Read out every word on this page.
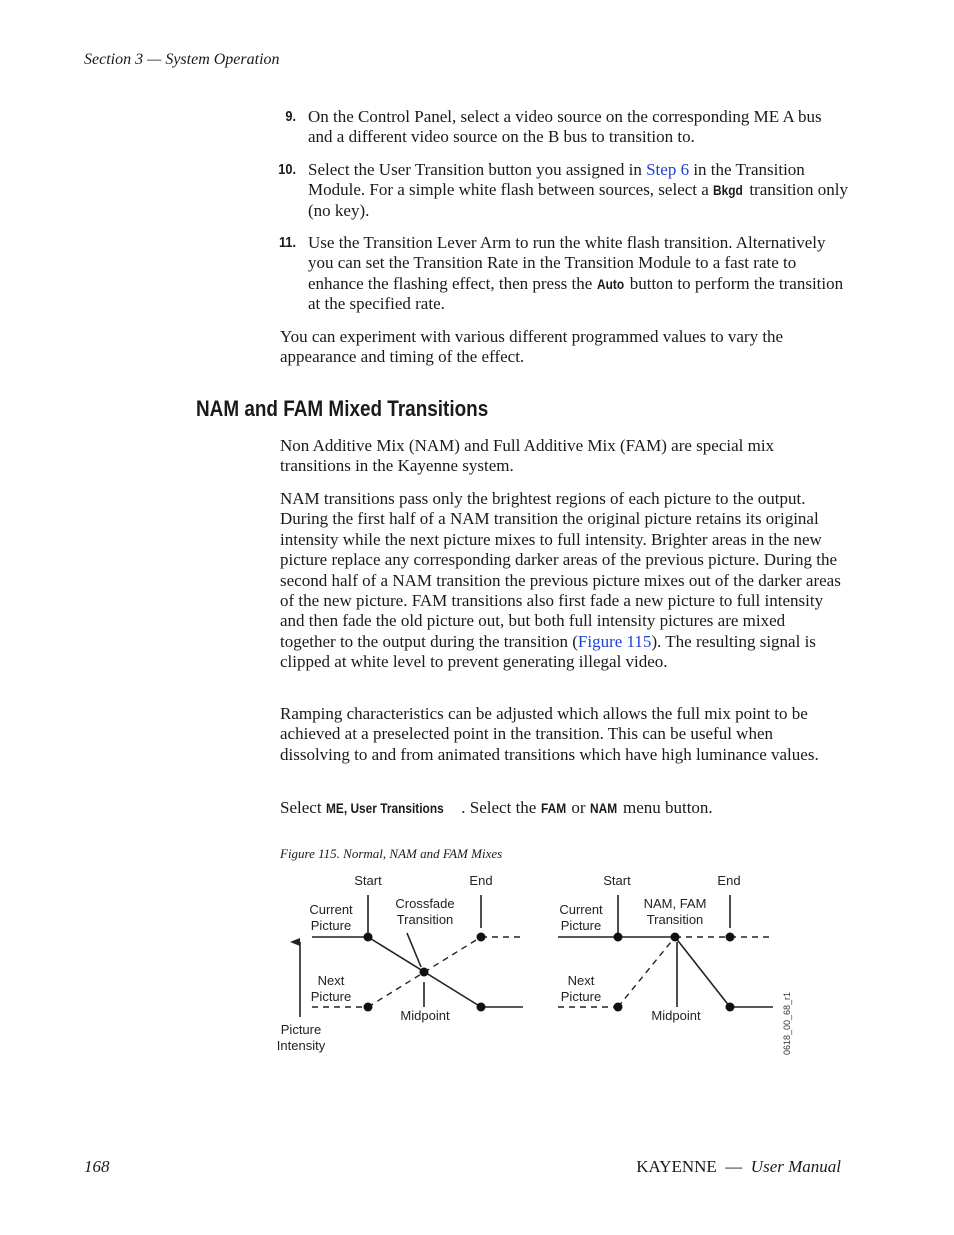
Section 3 — System Operation
9. On the Control Panel, select a video source on the corresponding ME A bus and a different video source on the B bus to transition to.
10. Select the User Transition button you assigned in Step 6 in the Transition Module. For a simple white flash between sources, select a Bkgd transition only (no key).
11. Use the Transition Lever Arm to run the white flash transition. Alternatively you can set the Transition Rate in the Transition Module to a fast rate to enhance the flashing effect, then press the Auto button to perform the transition at the specified rate.
You can experiment with various different programmed values to vary the appearance and timing of the effect.
NAM and FAM Mixed Transitions
Non Additive Mix (NAM) and Full Additive Mix (FAM) are special mix transitions in the Kayenne system.
NAM transitions pass only the brightest regions of each picture to the output. During the first half of a NAM transition the original picture retains its original intensity while the next picture mixes to full intensity. Brighter areas in the new picture replace any corresponding darker areas of the previous picture. During the second half of a NAM transition the previous picture mixes out of the darker areas of the new picture. FAM transitions also first fade a new picture to full intensity and then fade the old picture out, but both full intensity pictures are mixed together to the output during the transition (Figure 115). The resulting signal is clipped at white level to prevent generating illegal video.
Ramping characteristics can be adjusted which allows the full mix point to be achieved at a preselected point in the transition. This can be useful when dissolving to and from animated transitions which have high luminance values.
Select ME, User Transitions . Select the FAM or NAM menu button.
Figure 115. Normal, NAM and FAM Mixes
Start	End
Crossfade
Transition
Current
Picture
Next
Picture
Midpoint
Picture
Intensity
Start	End
NAM, FAM
Transition
Current
Picture
Next
Picture
Midpoint	0618_00_68_r1
168	KAYENNE — User Manual
